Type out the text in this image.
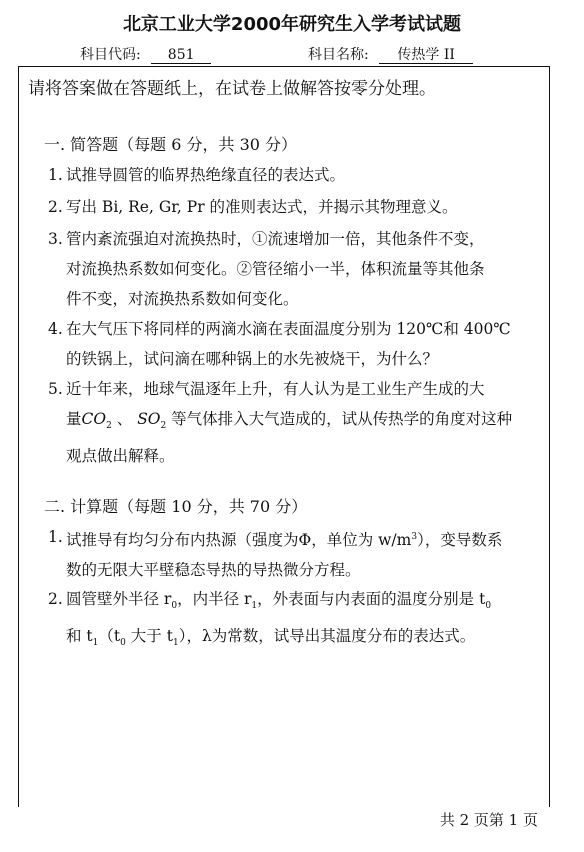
北京工业大学2000年研究生入学考试试题
科目代码: 851	科目名称: 传热学 II
请将答案做在答题纸上，在试卷上做解答按零分处理。
一. 简答题（每题 6 分，共 30 分）
1. 试推导圆管的临界热绝缘直径的表达式。
2. 写出 Bi, Re, Gr, Pr 的准则表达式，并揭示其物理意义。
3. 管内紊流强迫对流换热时，①流速增加一倍，其他条件不变，
对流换热系数如何变化。②管径缩小一半，体积流量等其他条
件不变，对流换热系数如何变化。
4. 在大气压下将同样的两滴水滴在表面温度分别为 120℃和 400℃
的铁锅上，试问滴在哪种锅上的水先被烧干，为什么？
5. 近十年来，地球气温逐年上升，有人认为是工业生产生成的大
量$CO_2$ 、 $SO_2$ 等气体排入大气造成的，试从传热学的角度对这种
观点做出解释。
二. 计算题（每题 10 分，共 70 分）
1. 试推导有均匀分布内热源（强度为Φ，单位为 $w/m^3$），变导数系
数的无限大平壁稳态导热的导热微分方程。
2. 圆管壁外半径 $r_0$，内半径 $r_1$，外表面与内表面的温度分别是 $t_0$
和 $t_1(t_0$ 大于 $t_1$），λ为常数，试导出其温度分布的表达式。
共 2 页第 1 页
